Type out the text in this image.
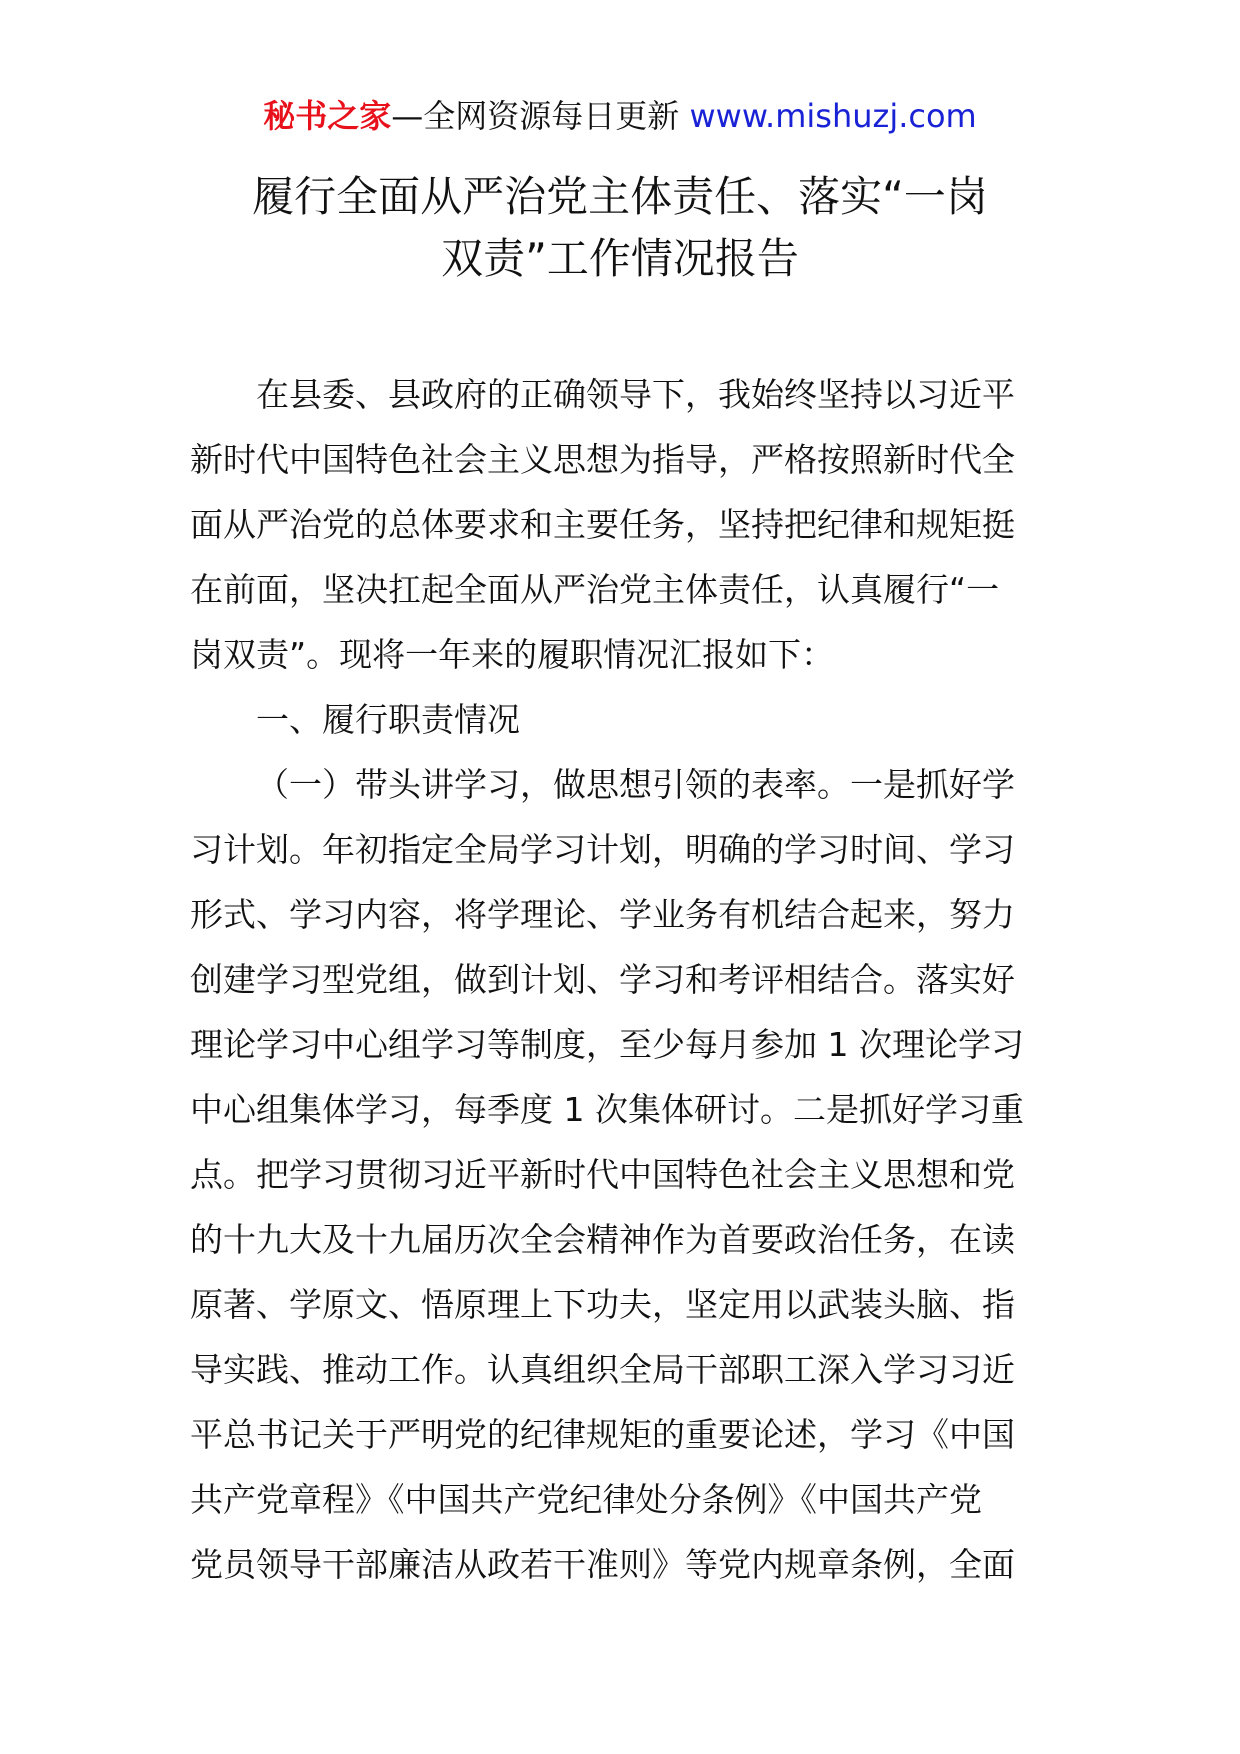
秘书之家—全网资源每日更新 www.mishuzj.com
履行全面从严治党主体责任、落实“一岗
双责”工作情况报告
在县委、县政府的正确领导下，我始终坚持以习近平
新时代中国特色社会主义思想为指导，严格按照新时代全
面从严治党的总体要求和主要任务，坚持把纪律和规矩挺
在前面，坚决扛起全面从严治党主体责任，认真履行“一
岗双责”。现将一年来的履职情况汇报如下：
一、履行职责情况
（一）带头讲学习，做思想引领的表率。一是抓好学
习计划。年初指定全局学习计划，明确的学习时间、学习
形式、学习内容，将学理论、学业务有机结合起来，努力
创建学习型党组，做到计划、学习和考评相结合。落实好
理论学习中心组学习等制度，至少每月参加 1 次理论学习
中心组集体学习，每季度 1 次集体研讨。二是抓好学习重
点。把学习贯彻习近平新时代中国特色社会主义思想和党
的十九大及十九届历次全会精神作为首要政治任务，在读
原著、学原文、悟原理上下功夫，坚定用以武装头脑、指
导实践、推动工作。认真组织全局干部职工深入学习习近
平总书记关于严明党的纪律规矩的重要论述，学习《中国
共产党章程》《中国共产党纪律处分条例》《中国共产党
党员领导干部廉洁从政若干准则》等党内规章条例，全面
